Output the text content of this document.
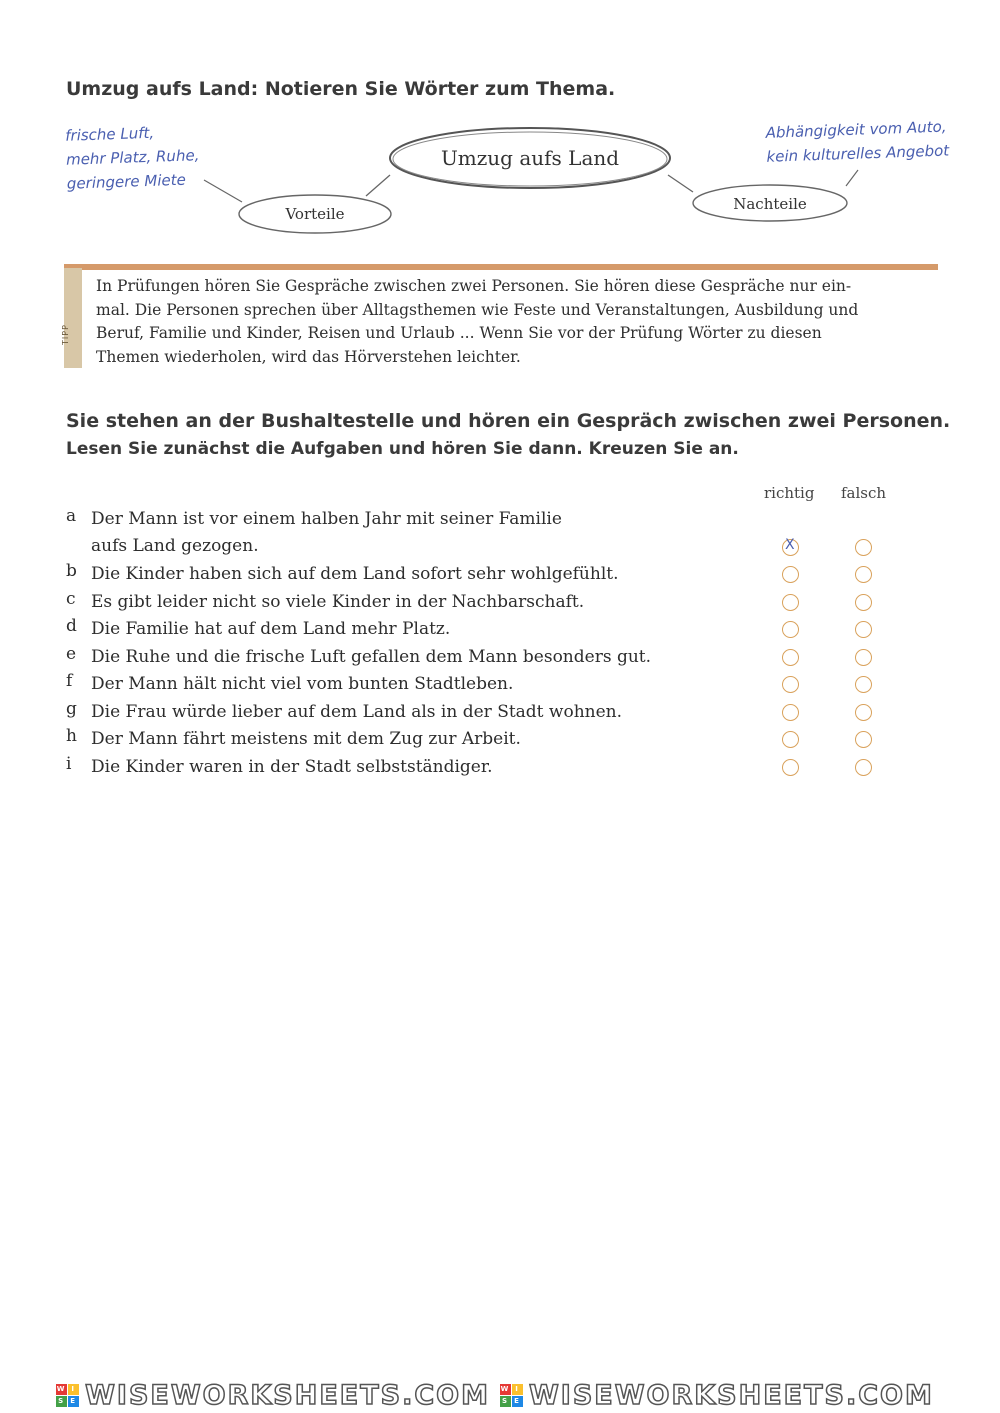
Umzug aufs Land: Notieren Sie Wörter zum Thema.
Umzug aufs Land
Vorteile
Nachteile
frische Luft,
mehr Platz, Ruhe,
geringere Miete
Abhängigkeit vom Auto,
kein kulturelles Angebot
TIPP
In Prüfungen hören Sie Gespräche zwischen zwei Personen. Sie hören diese Gespräche nur ein-
mal. Die Personen sprechen über Alltagsthemen wie Feste und Veranstaltungen, Ausbildung und
Beruf, Familie und Kinder, Reisen und Urlaub ... Wenn Sie vor der Prüfung Wörter zu diesen
Themen wiederholen, wird das Hörverstehen leichter.
Sie stehen an der Bushaltestelle und hören ein Gespräch zwischen zwei Personen.
Lesen Sie zunächst die Aufgaben und hören Sie dann. Kreuzen Sie an.
richtig falsch
a Der Mann ist vor einem halben Jahr mit seiner Familie
aufs Land gezogen.
X
b Die Kinder haben sich auf dem Land sofort sehr wohlgefühlt.
c Es gibt leider nicht so viele Kinder in der Nachbarschaft.
d Die Familie hat auf dem Land mehr Platz.
e Die Ruhe und die frische Luft gefallen dem Mann besonders gut.
f	Der Mann hält nicht viel vom bunten Stadtleben.
g Die Frau würde lieber auf dem Land als in der Stadt wohnen.
h Der Mann fährt meistens mit dem Zug zur Arbeit.
i	Die Kinder waren in der Stadt selbstständiger.
W I
S E WISEWORKSHEETS.COM W I
S E WISEWORKSHEETS.COM
